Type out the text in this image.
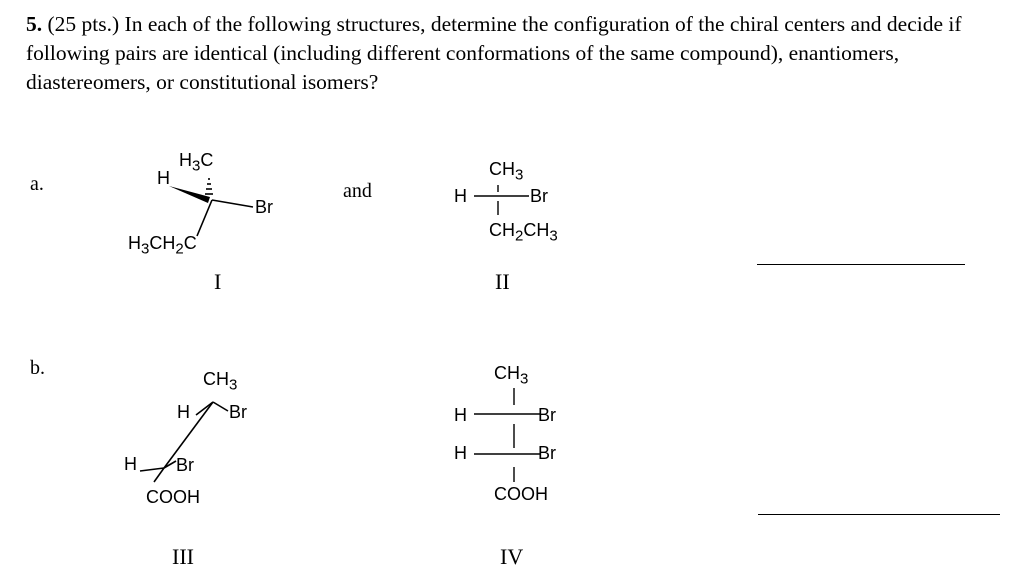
5. (25 pts.) In each of the following structures, determine the configuration of the chiral centers and decide if following pairs are identical (including different conformations of the same compound), enantiomers, diastereomers, or constitutional isomers?

a.	and
$H_3C$
H
Br
$H_3CH_2C$
I
$CH_3$
H	Br
$CH_2CH_3$
II
b.	$CH_3$
H Br
H Br
COOH
III
$CH_3$
H	Br
H	Br
COOH
IV
